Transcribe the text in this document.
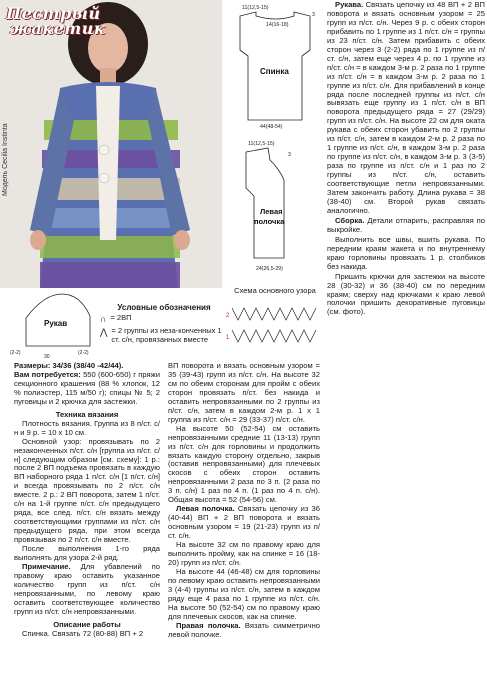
Пестрый
жакетик
Модель Cecilia Instinta
11(12,5-15)
14(16-18)
3
44(48-54)
Спинка
11(12,5-15)
3
24(26,5-29)
Левая
полочка
(2-2)
30
(2-2)
Рукав
Условные обозначения
∩ = 2ВП
⋀ = 2 группы из неза-конченных 1 ст. с/н, провязанных вместе
Схема основного узора
2
1

Размеры: 34/36 (38/40 -42/44).

Вам потребуется: 550 (600-650) г пряжи секционного крашения (88 % хлопок, 12 % полиэстер, 115 м/50 г); спицы № 5; 2 пуговицы и 2 крючка для застежки.

Техника вязания

Плотность вязания. Группа из 8 п/ст. с/н и 9 р. = 10 х 10 см.

Основной узор: провязывать по 2 незаконченных п/ст. с/н [группа из п/ст. с/н] следующим образом [см. схему]: 1 р.: после 2 ВП подъема провязать в каждую ВП наборного ряда 1 п/ст. с/н [1 п/ст. с/н] и всегда провязывать по 2 п/ст. с/н вместе. 2 р.: 2 ВП поворота, затем 1 п/ст. с/н на 1-й группе п/ст. с/н предыдущего ряда, все след. п/ст. с/н вязать между соответствующими группами из п/ст. с/н предыдущего ряда, при этом всегда провязывая по 2 п/ст. с/н вместе.

После выполнения 1-го ряда выполнять для узора 2-й ряд.

Примечание. Для убавлений по правому краю оставить указанное количество групп из п/ст. с/н непровязанными, по левому краю оставить соответствующее количество групп из п/ст. с/н непровязанными.

Описание работы

Спинка. Связать 72 (80-88) ВП + 2

ВП поворота и вязать основным узором = 35 (39-43) групп из п/ст. с/н. На высоте 32 см по обеим сторонам для пройм с обеих сторон провязать п/ст. без накида и оставить непровязанными по 2 группы из п/ст. с/н, затем в каждом 2-м р. 1 х 1 группа из п/ст. с/н = 29 (33-37) п/ст. с/н.

На высоте 50 (52-54) см оставить непровязанными средние 11 (13-13) групп из п/ст. с/н для горловины и продолжить вязать каждую сторону отдельно, закрыв (оставив непровязанными) для плечевых скосов с обеих сторон оставить непровязанными 2 раза по 3 п. (2 раза по 3 п. с/н) 1 раз по 4 п. (1 раз по 4 п. с/н). Общая высота = 52 (54-56) см.

Левая полочка. Связать цепочку из 36 (40-44) ВП + 2 ВП поворота и вязать основным узором = 19 (21-23) групп из п/ст. с/н.

На высоте 32 см по правому краю для выполнить пройму, как на спинке = 16 (18-20) групп из п/ст. с/н.

На высоте 44 (46-48) см для горловины по левому краю оставить непровязанными 3 (4-4) группы из п/ст. с/н, затем в каждом ряду еще 4 раза по 1 группе из п/ст. с/н. На высоте 50 (52-54) см по правому краю для плечевых скосов, как на спинке.

Правая полочка. Вязать симметрично левой полочке.

Рукава. Связать цепочку из 48 ВП + 2 ВП поворота и вязать основным узором = 25 групп из п/ст. с/н. Через 9 р. с обеих сторон прибавить по 1 группе из 1 п/ст. с/н = группы из 23 п/ст. с/н. Затем прибавить с обеих сторон через 3 (2-2) ряда по 1 группе из п/ст. с/н, затем еще через 4 р. по 1 группе из п/ст. с/н = в каждом 3-м р. 2 раза по 1 группе из п/ст. с/н = в каждом 3-м р. 2 раза по 1 группе из п/ст. с/н. Для прибавлений в конце ряда после последней группы из п/ст. с/н вывязать еще группу из 1 п/ст. с/н в ВП поворота предыдущего ряда = 27 (29/29) групп из п/ст. с/н. На высоте 22 см для оката рукава с обеих сторон убавить по 2 группы из п/ст. с/н, затем в каждом 2-м р. 2 раза по 1 группе из п/ст. с/н, в каждом 3-м р. 2 раза по группе из п/ст. с/н, в каждом 3-м р. 3 (3-5) раза по группе из п/ст. с/н и 1 раз по 2 группы из п/ст. с/н, оставить соответствующие петли непровязанными. Затем закончить работу. Длина рукава = 38 (38-40) см. Второй рукав связать аналогично.

Сборка. Детали отпарить, расправляя по выкройке.

Выполнить все швы, вшить рукава. По передним краям жакета и по внутреннему краю горловины провязать 1 р. столбиков без накида.

Пришить крючки для застежки на высоте 28 (30-32) и 36 (38-40) см по передним краям; сверху над крючками к краю левой полочки пришить декоративные пуговицы (см. фото).
